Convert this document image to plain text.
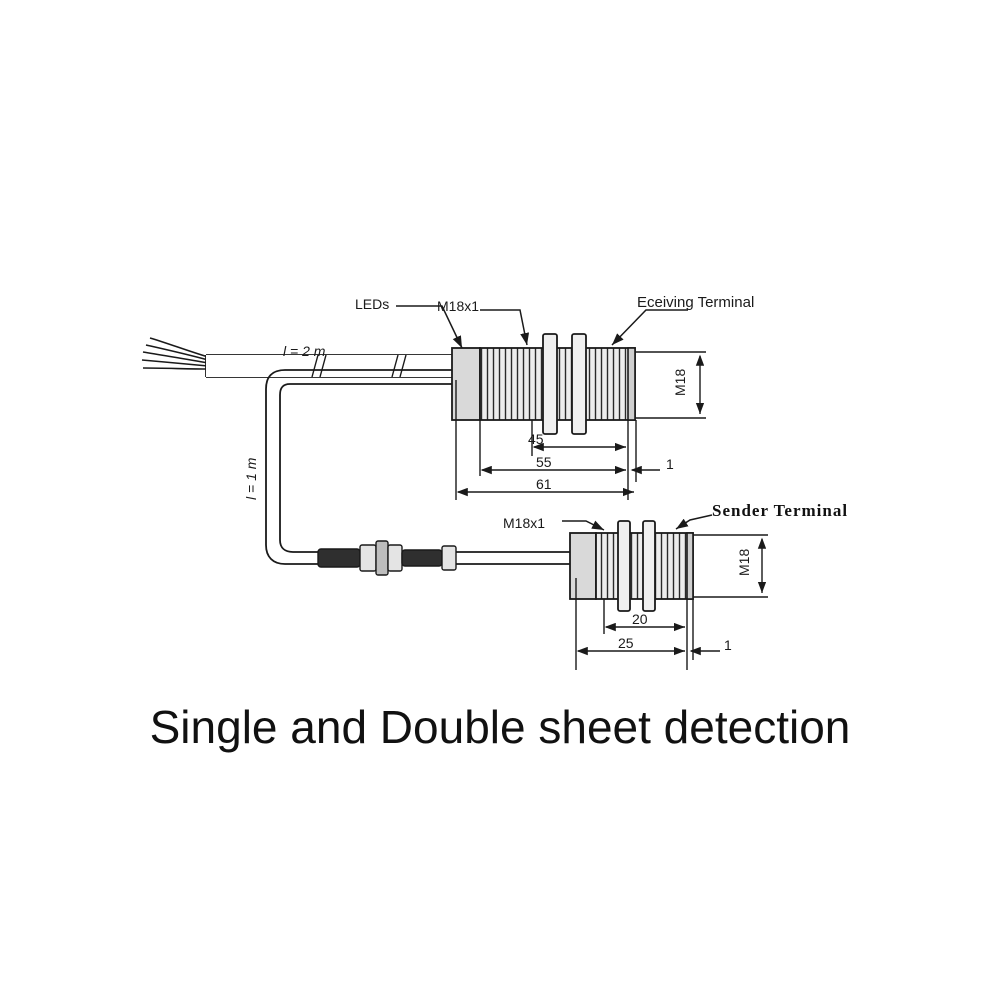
LEDs	M18x1	Eceiving Terminal
l = 2 m
l = 1 m
M18
45
55	1
61
Sender Terminal
M18x1
M18
20
25	1
Single and Double sheet detection
